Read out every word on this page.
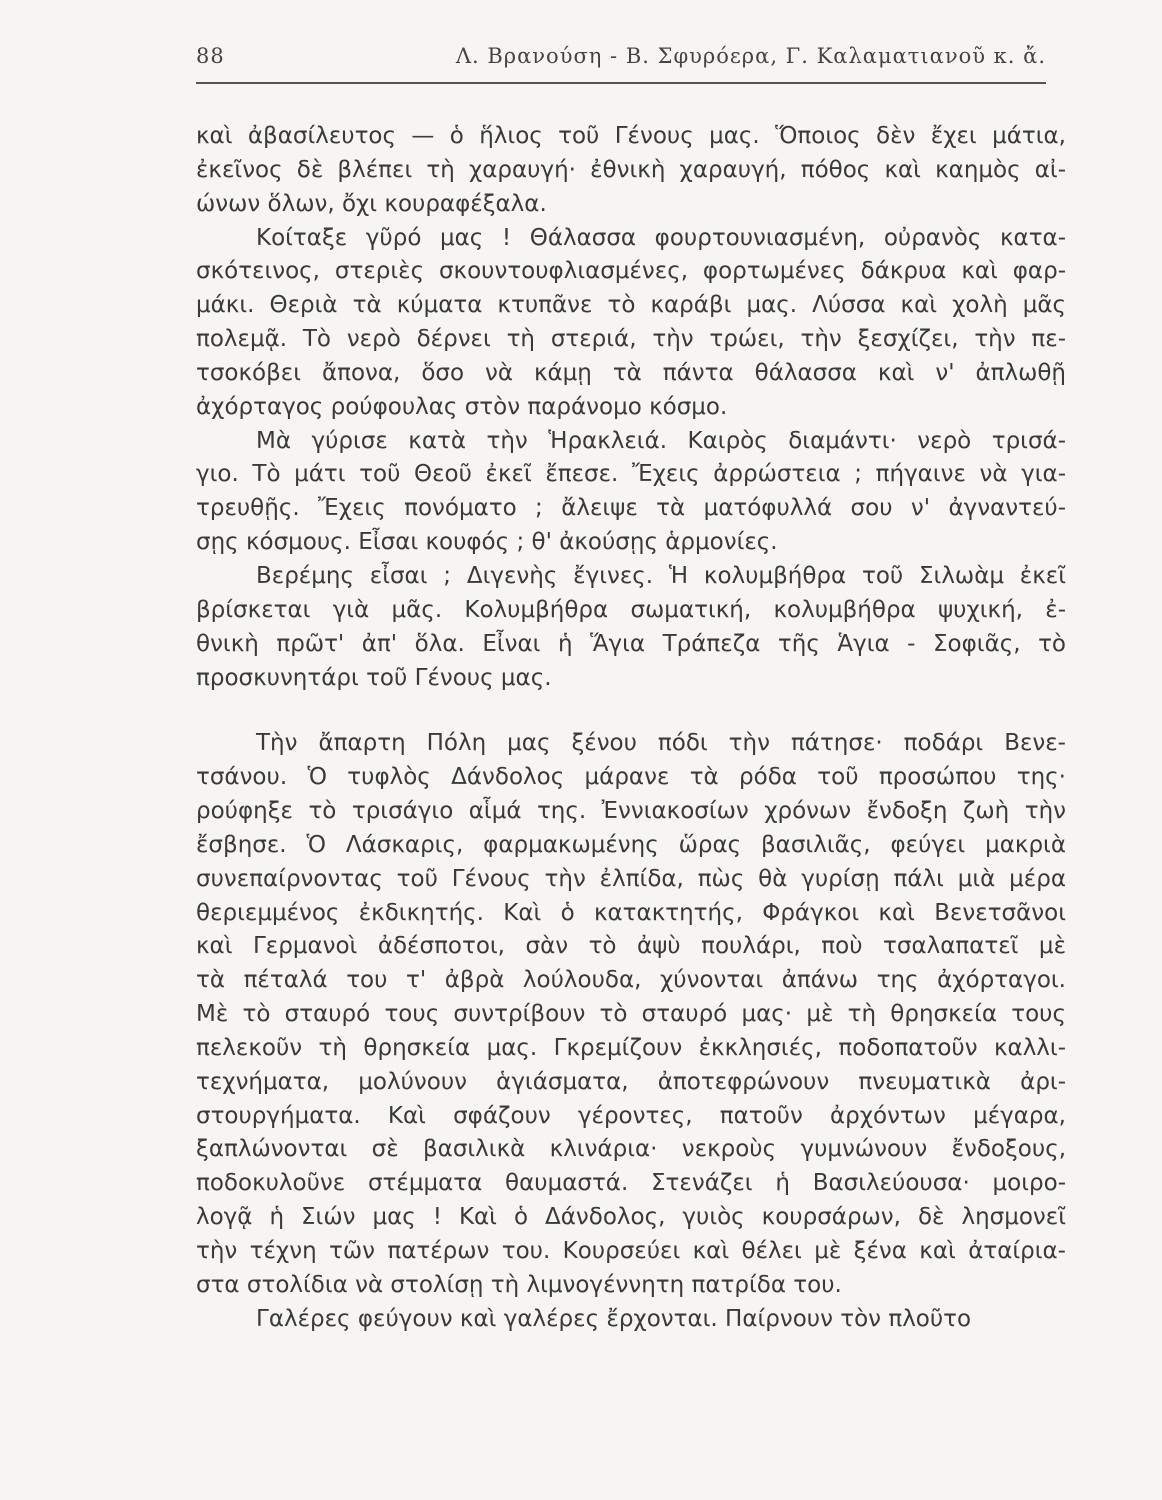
88	Λ. Βρανούση - Β. Σφυρόερα, Γ. Καλαματιανοῦ κ. ἄ.
καὶ ἀβασίλευτος — ὁ ἥλιος τοῦ Γένους μας. Ὅποιος δὲν ἔχει μάτια,
ἐκεῖνος δὲ βλέπει τὴ χαραυγή· ἐθνικὴ χαραυγή, πόθος καὶ καημὸς αἰ-
ώνων ὅλων, ὄχι κουραφέξαλα.
Κοίταξε γῦρό μας ! Θάλασσα φουρτουνιασμένη, οὐρανὸς κατα-
σκότεινος, στεριὲς σκουντουφλιασμένες, φορτωμένες δάκρυα καὶ φαρ-
μάκι. Θεριὰ τὰ κύματα κτυπᾶνε τὸ καράβι μας. Λύσσα καὶ χολὴ μᾶς
πολεμᾷ. Τὸ νερὸ δέρνει τὴ στεριά, τὴν τρώει, τὴν ξεσχίζει, τὴν πε-
τσοκόβει ἄπονα, ὅσο νὰ κάμῃ τὰ πάντα θάλασσα καὶ ν' ἀπλωθῇ
ἀχόρταγος ρούφουλας στὸν παράνομο κόσμο.
Μὰ γύρισε κατὰ τὴν Ἡρακλειά. Καιρὸς διαμάντι· νερὸ τρισά-
γιο. Τὸ μάτι τοῦ Θεοῦ ἐκεῖ ἔπεσε. Ἔχεις ἀρρώστεια ; πήγαινε νὰ για-
τρευθῇς. Ἔχεις πονόματο ; ἄλειψε τὰ ματόφυλλά σου ν' ἀγναντεύ-
σῃς κόσμους. Εἶσαι κουφός ; θ' ἀκούσῃς ἁρμονίες.
Βερέμης εἶσαι ; Διγενὴς ἔγινες. Ἡ κολυμβήθρα τοῦ Σιλωὰμ ἐκεῖ
βρίσκεται γιὰ μᾶς. Κολυμβήθρα σωματική, κολυμβήθρα ψυχική, ἐ-
θνικὴ πρῶτ' ἀπ' ὅλα. Εἶναι ἡ Ἅγια Τράπεζα τῆς Ἁγια - Σοφιᾶς, τὸ
προσκυνητάρι τοῦ Γένους μας.
Τὴν ἄπαρτη Πόλη μας ξένου πόδι τὴν πάτησε· ποδάρι Βενε-
τσάνου. Ὁ τυφλὸς Δάνδολος μάρανε τὰ ρόδα τοῦ προσώπου της·
ρούφηξε τὸ τρισάγιο αἷμά της. Ἐννιακοσίων χρόνων ἔνδοξη ζωὴ τὴν
ἔσβησε. Ὁ Λάσκαρις, φαρμακωμένης ὥρας βασιλιᾶς, φεύγει μακριὰ
συνεπαίρνοντας τοῦ Γένους τὴν ἐλπίδα, πὼς θὰ γυρίσῃ πάλι μιὰ μέρα
θεριεμμένος ἐκδικητής. Καὶ ὁ κατακτητής, Φράγκοι καὶ Βενετσᾶνοι
καὶ Γερμανοὶ ἀδέσποτοι, σὰν τὸ ἀψὺ πουλάρι, ποὺ τσαλαπατεῖ μὲ
τὰ πέταλά του τ' ἀβρὰ λούλουδα, χύνονται ἀπάνω της ἀχόρταγοι.
Μὲ τὸ σταυρό τους συντρίβουν τὸ σταυρό μας· μὲ τὴ θρησκεία τους
πελεκοῦν τὴ θρησκεία μας. Γκρεμίζουν ἐκκλησιές, ποδοπατοῦν καλλι-
τεχνήματα, μολύνουν ἁγιάσματα, ἀποτεφρώνουν πνευματικὰ ἀρι-
στουργήματα. Καὶ σφάζουν γέροντες, πατοῦν ἀρχόντων μέγαρα,
ξαπλώνονται σὲ βασιλικὰ κλινάρια· νεκροὺς γυμνώνουν ἔνδοξους,
ποδοκυλοῦνε στέμματα θαυμαστά. Στενάζει ἡ Βασιλεύουσα· μοιρο-
λογᾷ ἡ Σιών μας ! Καὶ ὁ Δάνδολος, γυιὸς κουρσάρων, δὲ λησμονεῖ
τὴν τέχνη τῶν πατέρων του. Κουρσεύει καὶ θέλει μὲ ξένα καὶ ἀταίρια-
στα στολίδια νὰ στολίσῃ τὴ λιμνογέννητη πατρίδα του.
Γαλέρες φεύγουν καὶ γαλέρες ἔρχονται. Παίρνουν τὸν πλοῦτο
